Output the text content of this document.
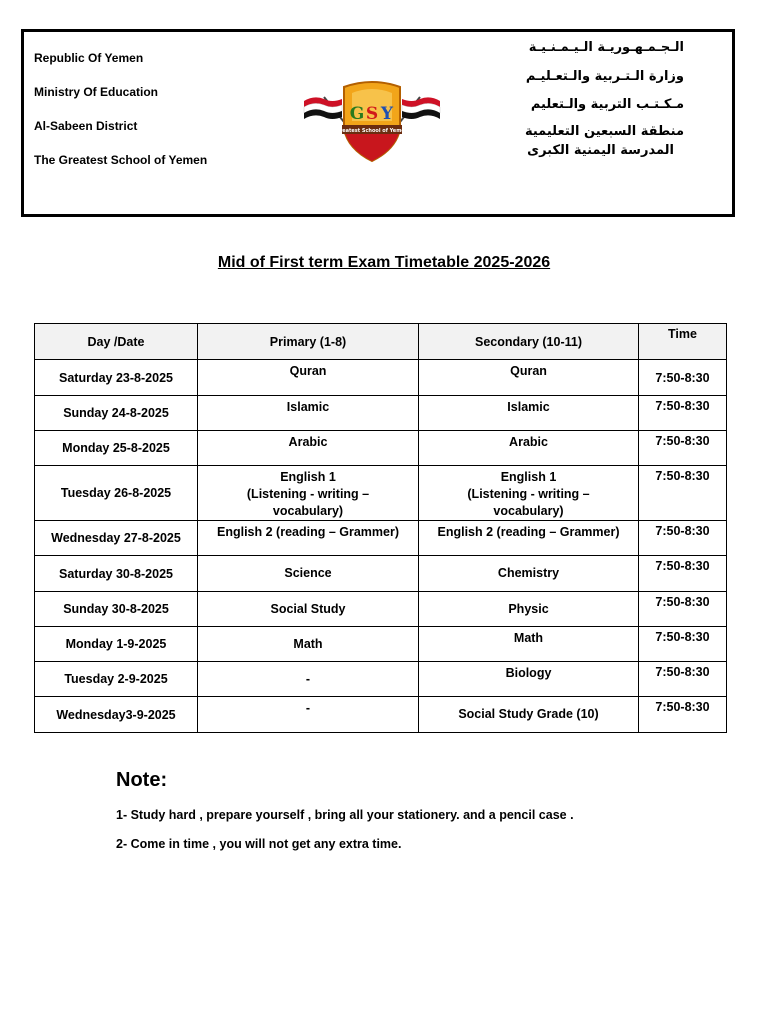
Republic Of Yemen
Ministry Of Education
Al-Sabeen District
The Greatest School of Yemen
الـجـمـهـوريـة الـيـمـنـيـة
وزارة الـتـربية والـتعـليـم
مـكـتـب التربية والـتعليم
منطقة السبعين التعليمية
المدرسة اليمنية الكبرى
Greatest School of Yemen
G S Y
Mid of First term Exam Timetable 2025-2026
Day /Date	Primary (1-8)	Secondary (10-11)	Time
Saturday 23-8-2025	Quran	Quran	7:50-8:30
Sunday 24-8-2025	Islamic	Islamic	7:50-8:30
Monday 25-8-2025	Arabic	Arabic	7:50-8:30
Tuesday 26-8-2025	English 1
(Listening - writing –
vocabulary)	English 1
(Listening - writing –
vocabulary)	7:50-8:30
Wednesday 27-8-2025	English 2 (reading – Grammer)	English 2 (reading – Grammer)	7:50-8:30
Saturday 30-8-2025	Science	Chemistry	7:50-8:30
Sunday 30-8-2025	Social Study	Physic	7:50-8:30
Monday 1-9-2025	Math	Math	7:50-8:30
Tuesday 2-9-2025	-	Biology	7:50-8:30
Wednesday3-9-2025	-	Social Study Grade (10)	7:50-8:30
Note:
1- Study hard , prepare yourself , bring all your stationery. and a pencil case .
2- Come in time , you will not get any extra time.
